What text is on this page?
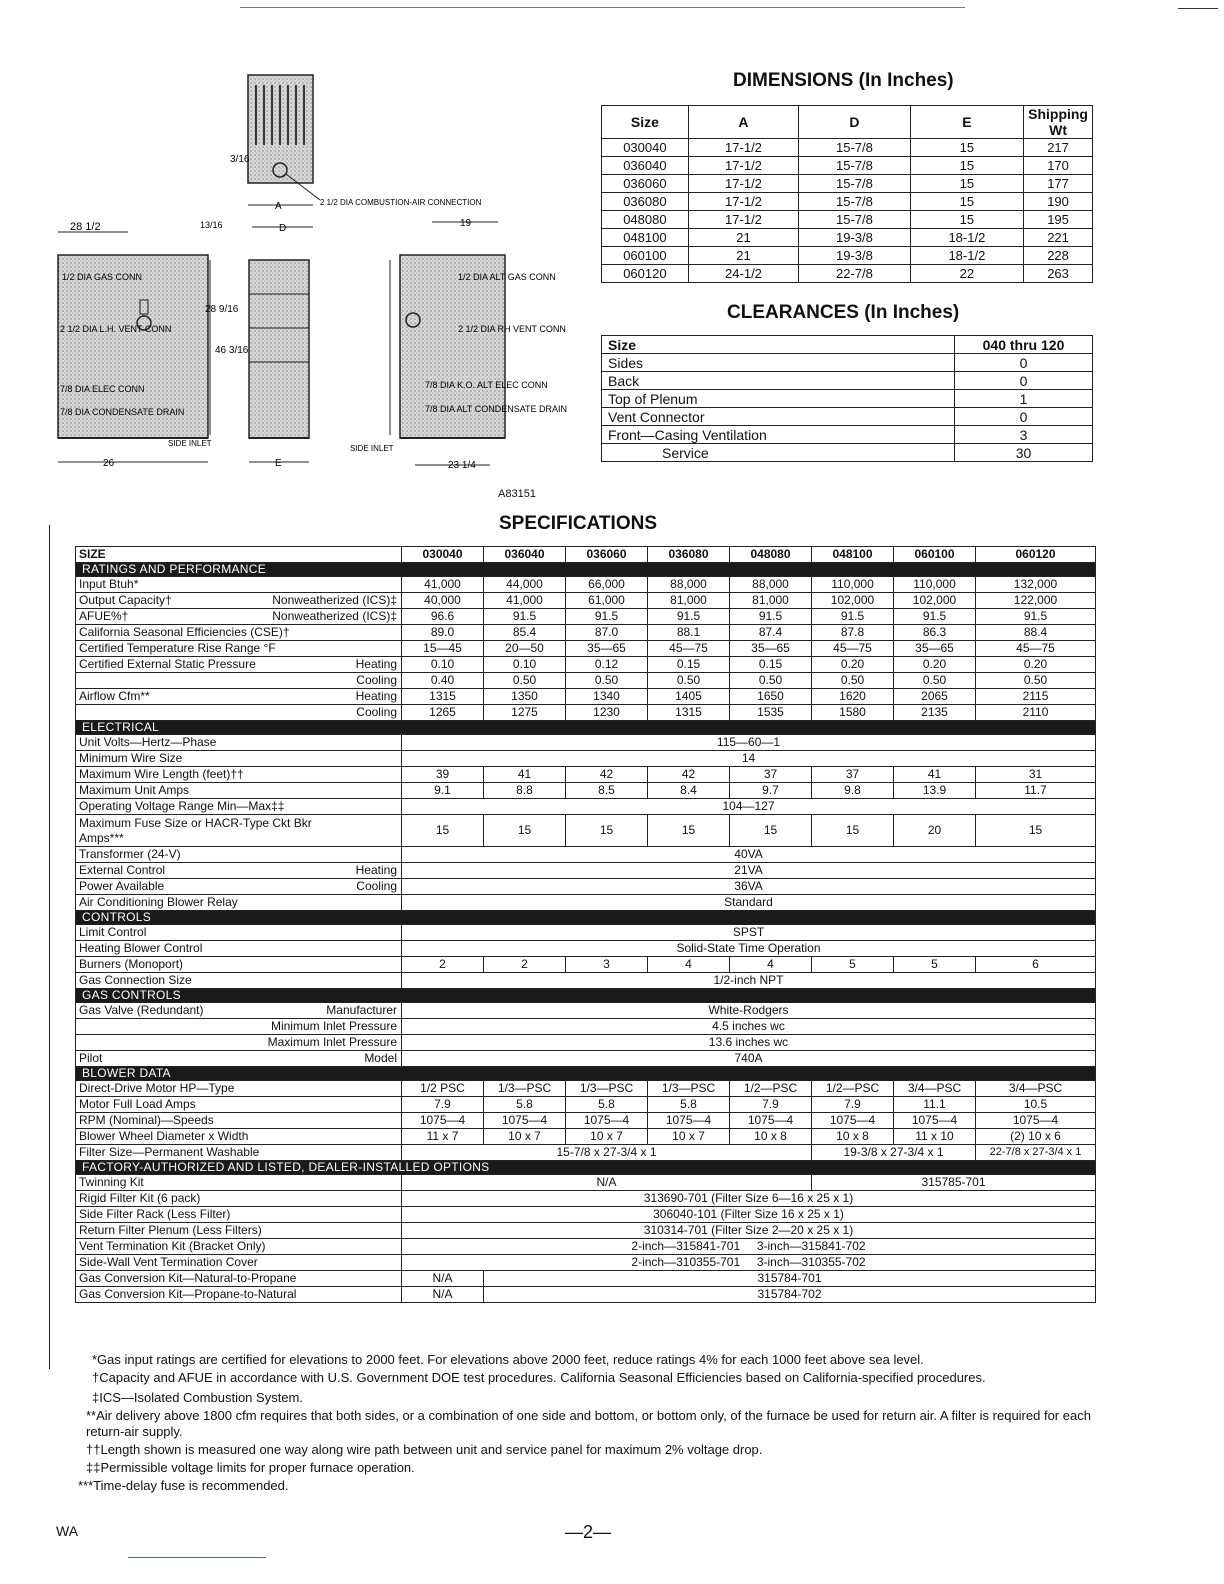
3/16
2 1/2 DIA COMBUSTION-AIR CONNECTION
A
D
13/16
28 1/2
1/2 DIA GAS CONN
2 1/2 DIA L.H. VENT CONN
7/8 DIA ELEC CONN
7/8 DIA CONDENSATE DRAIN
28 9/16
46 3/16
SIDE INLET
26	E
19
1/2 DIA ALT GAS CONN
2 1/2 DIA RH VENT CONN
7/8 DIA K.O. ALT ELEC CONN
7/8 DIA ALT CONDENSATE DRAIN
SIDE INLET
23 1/4
A83151
DIMENSIONS (In Inches)
Size	A	D	E	Shipping Wt
030040	17-1/2	15-7/8	15	217
036040	17-1/2	15-7/8	15	170
036060	17-1/2	15-7/8	15	177
036080	17-1/2	15-7/8	15	190
048080	17-1/2	15-7/8	15	195
048100	21	19-3/8	18-1/2	221
060100	21	19-3/8	18-1/2	228
060120	24-1/2	22-7/8	22	263
CLEARANCES (In Inches)
Size	040 thru 120
Sides	0
Back	0
Top of Plenum	1
Vent Connector	0
Front—Casing Ventilation	3
Service	30
SPECIFICATIONS
SIZE	030040	036040	036060	036080	048080	048100	060100	060120
RATINGS AND PERFORMANCE								
Input Btuh*	41,000	44,000	66,000	88,000	88,000	110,000	110,000	132,000
Output Capacity† Nonweatherized (ICS)‡	40,000	41,000	61,000	81,000	81,000	102,000	102,000	122,000
AFUE%† Nonweatherized (ICS)‡	96.6	91.5	91.5	91.5	91.5	91.5	91.5	91.5
California Seasonal Efficiencies (CSE)†	89.0	85.4	87.0	88.1	87.4	87.8	86.3	88.4
Certified Temperature Rise Range °F	15—45	20—50	35—65	45—75	35—65	45—75	35—65	45—75
Certified External Static Pressure Heating	0.10	0.10	0.12	0.15	0.15	0.20	0.20	0.20

Cooling	0.40	0.50	0.50	0.50	0.50	0.50	0.50	0.50
Airflow Cfm** Heating	1315	1350	1340	1405	1650	1620	2065	2115

Cooling	1265	1275	1230	1315	1535	1580	2135	2110
ELECTRICAL								
Unit Volts—Hertz—Phase	115—60—1							
Minimum Wire Size	14							
Maximum Wire Length (feet)††	39	41	42	42	37	37	41	31
Maximum Unit Amps	9.1	8.8	8.5	8.4	9.7	9.8	13.9	11.7
Operating Voltage Range Min—Max‡‡	104—127							
Maximum Fuse Size or HACR-Type Ckt Bkr Amps***	15	15	15	15	15	15	20	15
Transformer (24-V)	40VA							
External Control Heating	21VA							
Power Available Cooling	36VA							
Air Conditioning Blower Relay	Standard							
CONTROLS								
Limit Control	SPST							
Heating Blower Control	Solid-State Time Operation							
Burners (Monoport)	2	2	3	4	4	5	5	6
Gas Connection Size	1/2-inch NPT							
GAS CONTROLS								
Gas Valve (Redundant) Manufacturer	White-Rodgers							

Minimum Inlet Pressure	4.5 inches wc							

Maximum Inlet Pressure	13.6 inches wc							
Pilot Model	740A							
BLOWER DATA								
Direct-Drive Motor HP—Type	1/2 PSC	1/3—PSC	1/3—PSC	1/3—PSC	1/2—PSC	1/2—PSC	3/4—PSC	3/4—PSC
Motor Full Load Amps	7.9	5.8	5.8	5.8	7.9	7.9	11.1	10.5
RPM (Nominal)—Speeds	1075—4	1075—4	1075—4	1075—4	1075—4	1075—4	1075—4	1075—4
Blower Wheel Diameter x Width	11 x 7	10 x 7	10 x 7	10 x 7	10 x 8	10 x 8	11 x 10	(2) 10 x 6
Filter Size—Permanent Washable	15-7/8 x 27-3/4 x 1					19-3/8 x 27-3/4 x 1		22-7/8 x 27-3/4 x 1
FACTORY-AUTHORIZED AND LISTED, DEALER-INSTALLED OPTIONS								
Twinning Kit	N/A					315785-701		
Rigid Filter Kit (6 pack)	313690-701 (Filter Size 6—16 x 25 x 1)							
Side Filter Rack (Less Filter)	306040-101 (Filter Size 16 x 25 x 1)							
Return Filter Plenum (Less Filters)	310314-701 (Filter Size 2—20 x 25 x 1)							
Vent Termination Kit (Bracket Only)	2-inch—315841-701     3-inch—315841-702							
Side-Wall Vent Termination Cover	2-inch—310355-701     3-inch—310355-702							
Gas Conversion Kit—Natural-to-Propane	N/A	315784-701						
Gas Conversion Kit—Propane-to-Natural	N/A	315784-702						
*Gas input ratings are certified for elevations to 2000 feet. For elevations above 2000 feet, reduce ratings 4% for each 1000 feet above sea level.
†Capacity and AFUE in accordance with U.S. Government DOE test procedures. California Seasonal Efficiencies based on California-specified procedures.
‡ICS—Isolated Combustion System.
**Air delivery above 1800 cfm requires that both sides, or a combination of one side and bottom, or bottom only, of the furnace be used for return air. A filter is required for each return-air supply.
††Length shown is measured one way along wire path between unit and service panel for maximum 2% voltage drop.
‡‡Permissible voltage limits for proper furnace operation.
***Time-delay fuse is recommended.
WA	—2—
